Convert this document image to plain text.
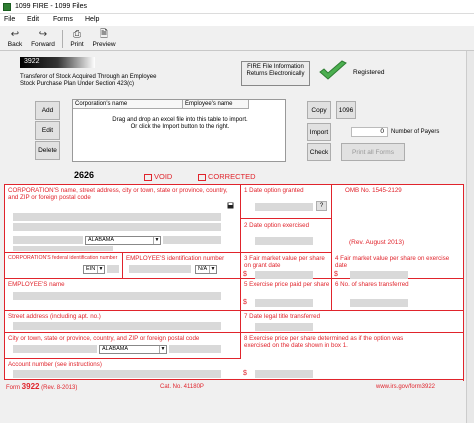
1099 FIRE - 1099 Files
File Edit Forms Help
↩
Back
↪
Forward
⎙
Print
🗎
Preview
3922
Transferor of Stock Acquired Through an Employee Stock Purchase Plan Under Section 423(c)
FIRE File Information Returns Electronically	Registered
Add
Edit
Delete
Corporation's name	Employee's name
Drag and drop an excel file into this table to import.
Or click the Import button to the right.
Copy	1096
Import	0	Number of Payers
Check	Print all Forms
2626	VOID	CORRECTED
CORPORATION'S name, street address, city or town, state or province, country, and ZIP or foreign postal code
ALABAMA	▼
1 Date option granted
?
2 Date option exercised
OMB No. 1545-2129
(Rev. August 2013)
CORPORATION'S federal identification number
EIN ▼
EMPLOYEE'S identification number
N/A ▼
3 Fair market value per share on grant date
$
4 Fair market value per share on exercise date
$
EMPLOYEE'S name	5 Exercise price paid per share
$
6 No. of shares transferred
Street address (including apt. no.)	7 Date legal title transferred
City or town, state or province, country, and ZIP or foreign postal code
ALABAMA	▼
8 Exercise price per share determined as if the option was exercised on the date shown in box 1.
$
Account number (see instructions)
Form 3922 (Rev. 8-2013)	Cat. No. 41180P	www.irs.gov/form3922
